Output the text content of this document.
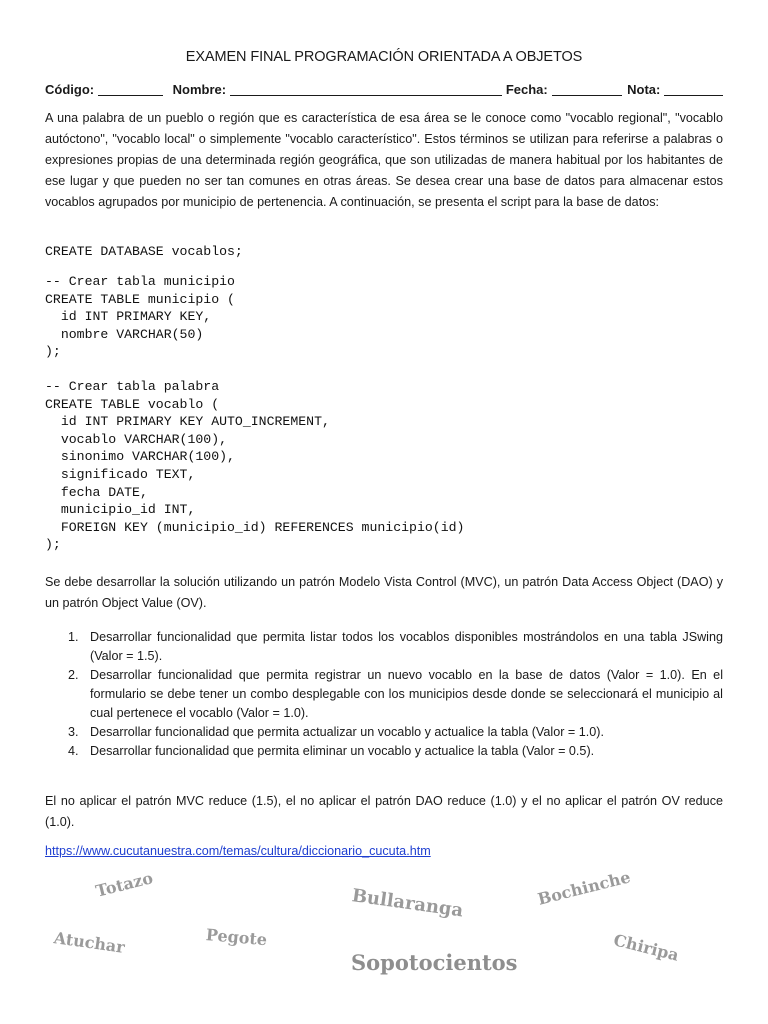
EXAMEN FINAL PROGRAMACIÓN ORIENTADA A OBJETOS
Código:	Nombre:	Fecha:	Nota:

A una palabra de un pueblo o región que es característica de esa área se le conoce como "vocablo regional", "vocablo autóctono", "vocablo local" o simplemente "vocablo característico". Estos términos se utilizan para referirse a palabras o expresiones propias de una determinada región geográfica, que son utilizadas de manera habitual por los habitantes de ese lugar y que pueden no ser tan comunes en otras áreas. Se desea crear una base de datos para almacenar estos vocablos agrupados por municipio de pertenencia. A continuación, se presenta el script para la base de datos:

CREATE DATABASE vocablos;
-- Crear tabla municipio
CREATE TABLE municipio (
id INT PRIMARY KEY,
nombre VARCHAR(50)
);
-- Crear tabla palabra
CREATE TABLE vocablo (
id INT PRIMARY KEY AUTO_INCREMENT,
vocablo VARCHAR(100),
sinonimo VARCHAR(100),
significado TEXT,
fecha DATE,
municipio_id INT,
FOREIGN KEY (municipio_id) REFERENCES municipio(id)
);

Se debe desarrollar la solución utilizando un patrón Modelo Vista Control (MVC), un patrón Data Access Object (DAO) y un patrón Object Value (OV).

1. Desarrollar funcionalidad que permita listar todos los vocablos disponibles mostrándolos en una tabla JSwing (Valor = 1.5).
2. Desarrollar funcionalidad que permita registrar un nuevo vocablo en la base de datos (Valor = 1.0). En el formulario se debe tener un combo desplegable con los municipios desde donde se seleccionará el municipio al cual pertenece el vocablo (Valor = 1.0).
3. Desarrollar funcionalidad que permita actualizar un vocablo y actualice la tabla (Valor = 1.0).
4. Desarrollar funcionalidad que permita eliminar un vocablo y actualice la tabla (Valor = 0.5).

El no aplicar el patrón MVC reduce (1.5), el no aplicar el patrón DAO reduce (1.0) y el no aplicar el patrón OV reduce (1.0).

https://www.cucutanuestra.com/temas/cultura/diccionario_cucuta.htm
Totazo
Bullaranga	Bochinche
Atuchar	Pegote
Sopotocientos	Chiripa
